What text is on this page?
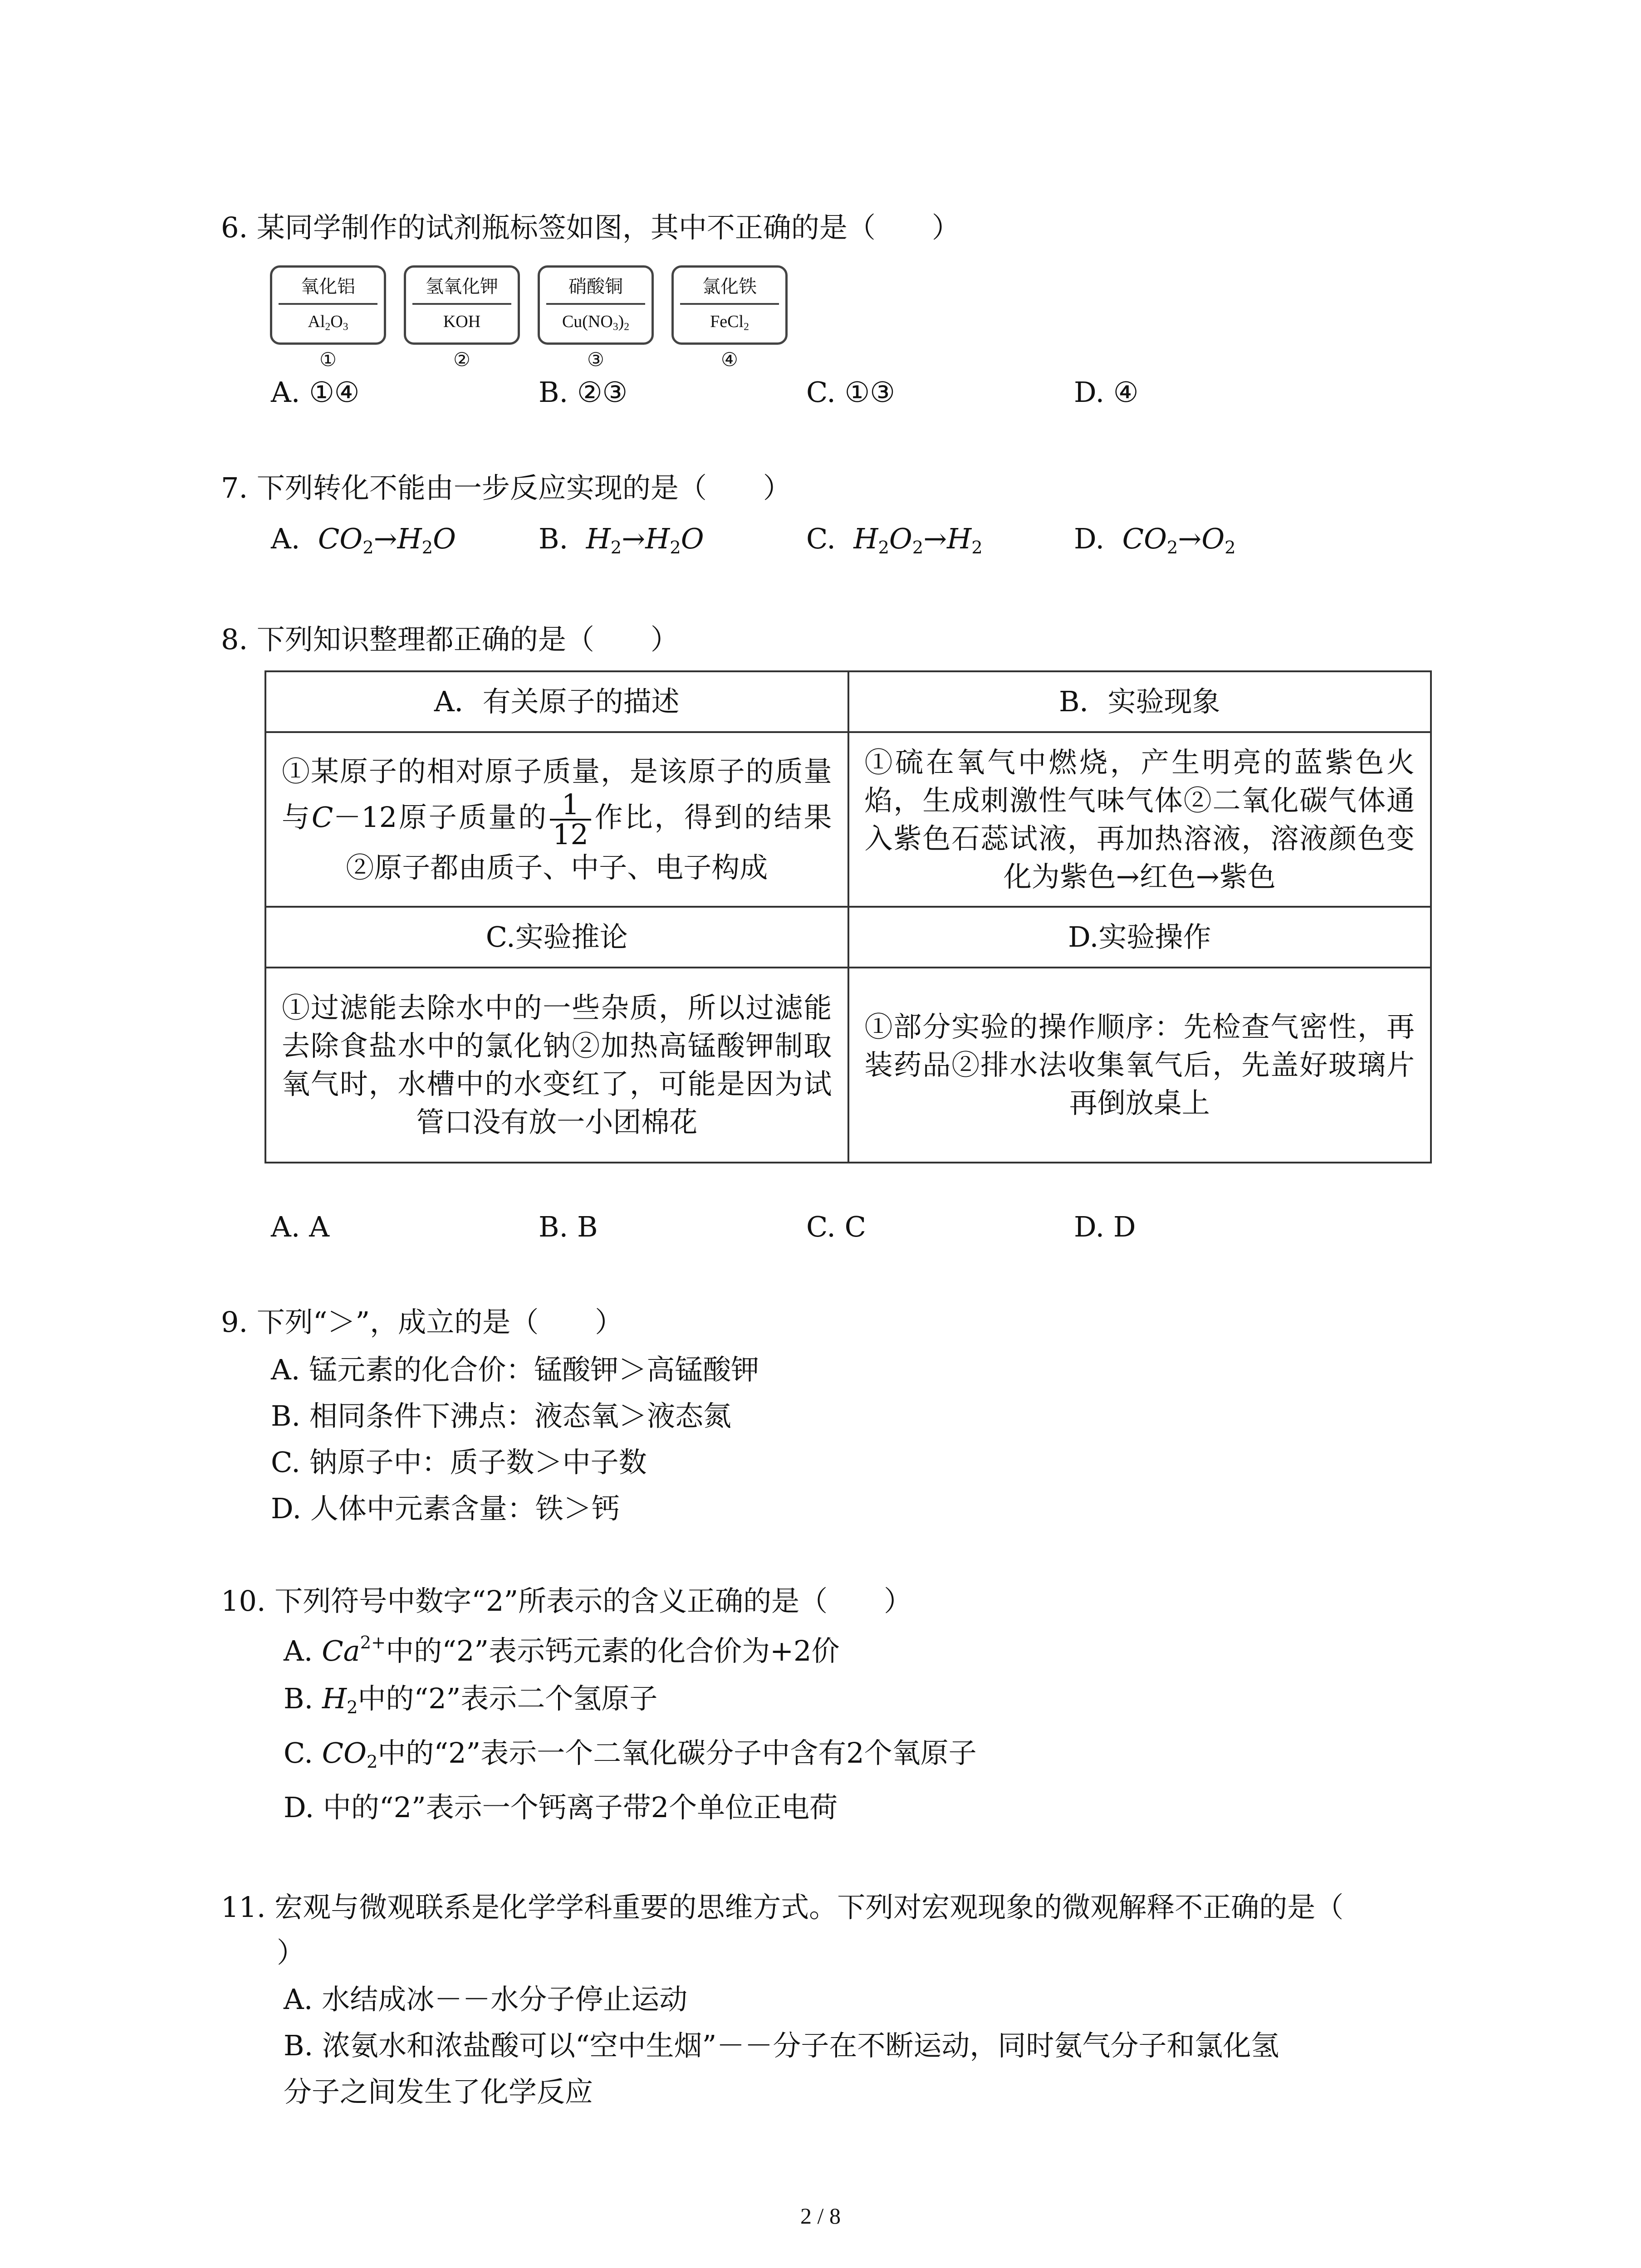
6. 某同学制作的试剂瓶标签如图，其中不正确的是（　　）
氧化铝
$Al_2O_3$
①
氢氧化钾
KOH
②
硝酸铜
$Cu(NO_3)_2$
③
氯化铁
FeCl$_2$
④
A. ①④	B. ②③	C. ①③	D. ④
7. 下列转化不能由一步反应实现的是（　　）
A. $CO_2\to H_2O$	B. $H_2\to H_2O$	C. $H_2O_2\to H_2$	D. $CO_2\to O_2$
8. 下列知识整理都正确的是（　　）
A．有关原子的描述	B．实验现象
①某原子的相对原子质量，是该原子的质量与C－12原子质量的 $\frac{1}{12}$ 作比，得到的结果②原子都由质子、中子、电子构成	①硫在氧气中燃烧，产生明亮的蓝紫色火焰，生成刺激性气味气体②二氧化碳气体通入紫色石蕊试液，再加热溶液，溶液颜色变化为紫色→红色→紫色
C.实验推论	D.实验操作
①过滤能去除水中的一些杂质，所以过滤能去除食盐水中的氯化钠②加热高锰酸钾制取氧气时，水槽中的水变红了，可能是因为试管口没有放一小团棉花	①部分实验的操作顺序：先检查气密性，再装药品②排水法收集氧气后，先盖好玻璃片再倒放桌上
A. A	B. B	C. C	D. D
9. 下列“＞”，成立的是（　　）
A. 锰元素的化合价：锰酸钾＞高锰酸钾
B. 相同条件下沸点：液态氧＞液态氮
C. 钠原子中：质子数＞中子数
D. 人体中元素含量：铁＞钙
10. 下列符号中数字“2”所表示的含义正确的是（　　）
A. $Ca^{2+}$中的“2”表示钙元素的化合价为+2价
B. $H_2$中的“2”表示二个氢原子
C. $CO_2$中的“2”表示一个二氧化碳分子中含有2个氧原子
D. 中的“2”表示一个钙离子带2个单位正电荷
11. 宏观与微观联系是化学学科重要的思维方式。下列对宏观现象的微观解释不正确的是（
）
A. 水结成冰－－水分子停止运动
B. 浓氨水和浓盐酸可以“空中生烟”－－分子在不断运动，同时氨气分子和氯化氢
分子之间发生了化学反应
2 / 8
